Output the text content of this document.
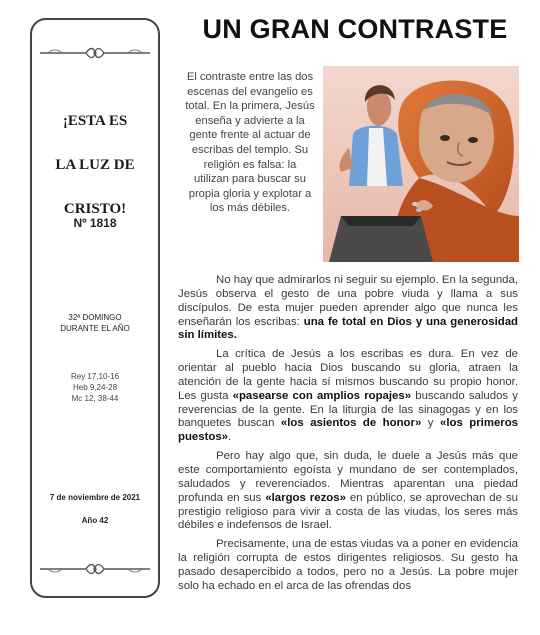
¡ESTA ES

LA LUZ DE

CRISTO!

Nº 1818
32ª DOMINGO
DURANTE EL AÑO
Rey 17,10-16
Heb 9,24-28
Mc 12, 38-44
7 de noviembre de 2021
Año 42
UN GRAN CONTRASTE
El contraste entre las dos escenas del evangelio es total. En la primera, Jesús enseña y advierte a la gente frente al actuar de escribas del templo. Su religión es falsa: la utilizan para buscar su propia gloria y explotar a los más débiles.

No hay que admirarlos ni seguir su ejemplo. En la segunda, Jesús observa el gesto de una pobre viuda y llama a sus discípulos. De esta mujer pueden aprender algo que nunca les enseñarán los escribas: una fe total en Dios y una generosidad sin límites.

La crítica de Jesús a los escribas es dura. En vez de orientar al pueblo hacia Dios buscando su gloria, atraen la atención de la gente hacia sí mismos buscando su propio honor. Les gusta «pasearse con amplios ropajes» buscando saludos y reverencias de la gente. En la liturgia de las sinagogas y en los banquetes buscan «los asientos de honor» y «los primeros puestos».

Pero hay algo que, sin duda, le duele a Jesús más que este comportamiento egoísta y mundano de ser contemplados, saludados y reverenciados. Mientras aparentan una piedad profunda en sus «largos rezos» en público, se aprovechan de su prestigio religioso para vivir a costa de las viudas, los seres más débiles e indefensos de Israel.

Precisamente, una de estas viudas va a poner en evidencia la religión corrupta de estos dirigentes religiosos. Su gesto ha pasado desapercibido a todos, pero no a Jesús. La pobre mujer solo ha echado en el arca de las ofrendas dos
